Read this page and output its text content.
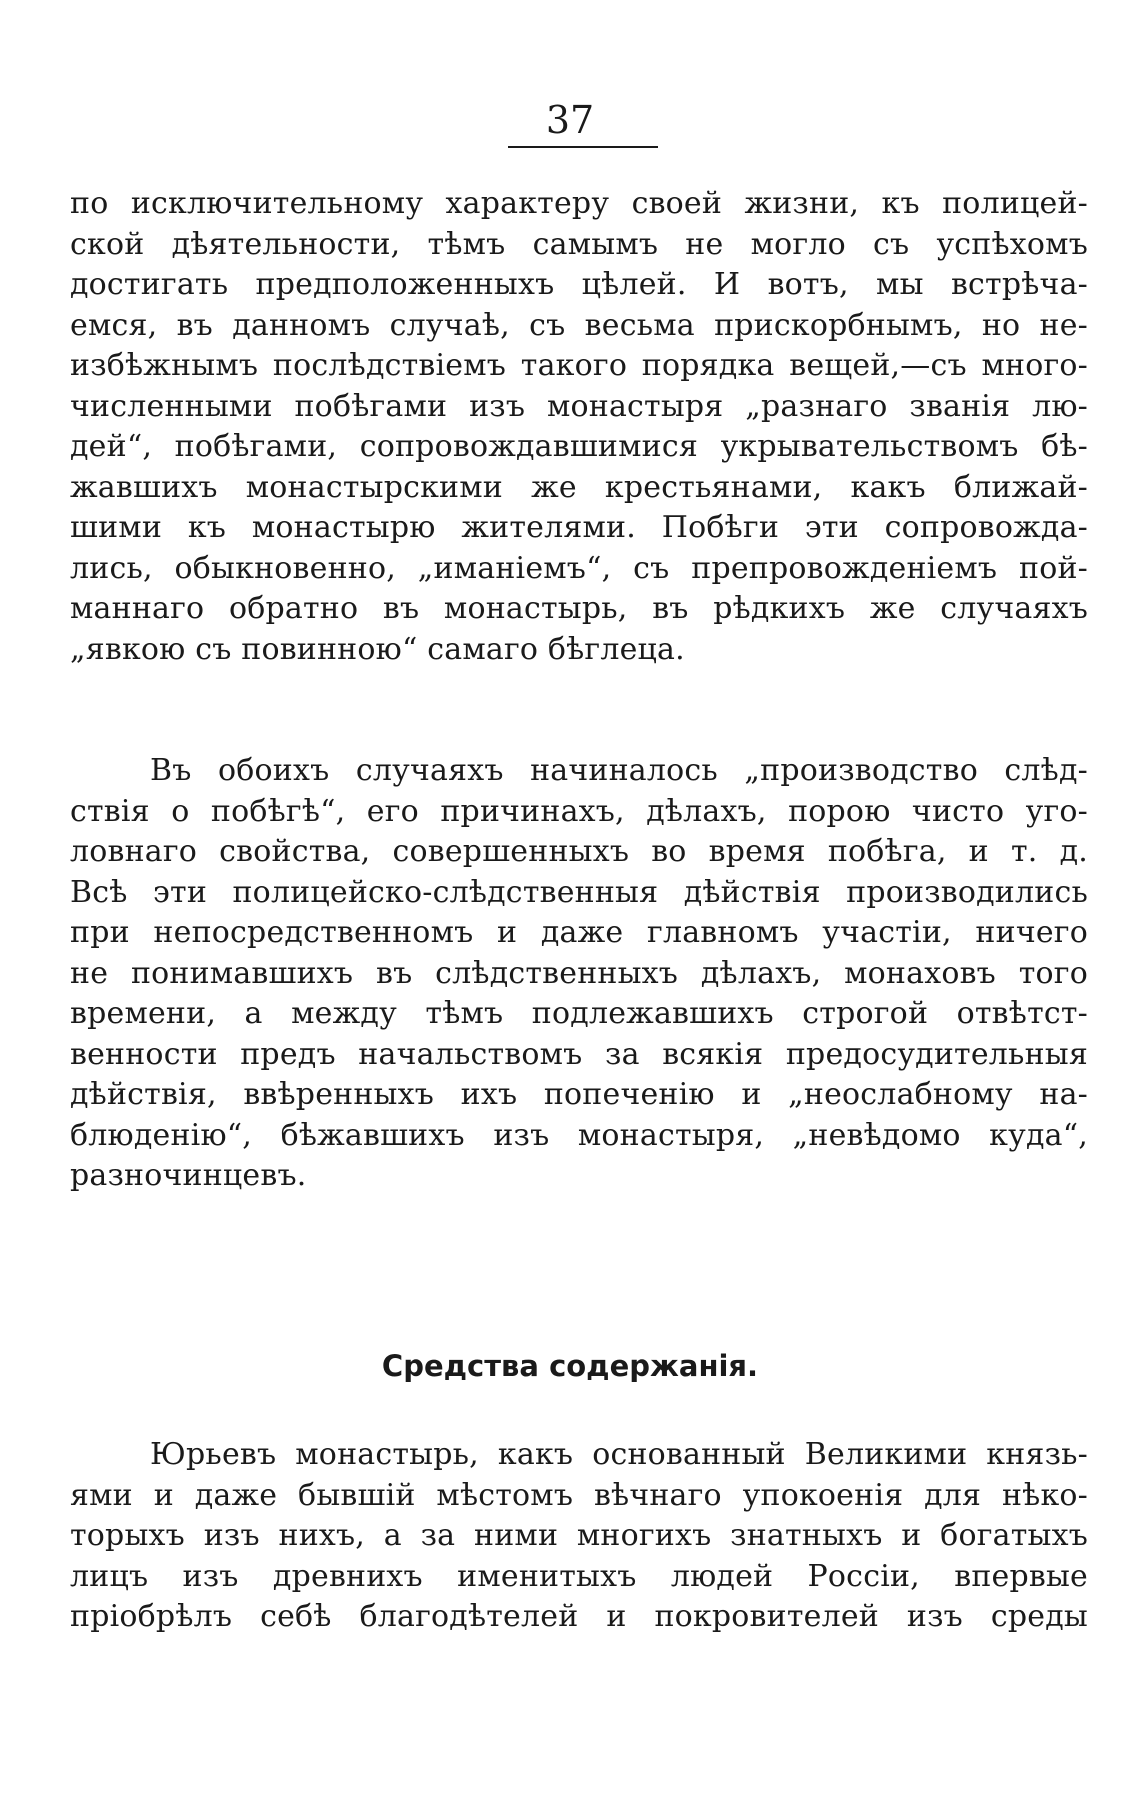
37
по исключительному характеру своей жизни, къ полицей-
ской дѣятельности, тѣмъ самымъ не могло съ успѣхомъ
достигать предположенныхъ цѣлей. И вотъ, мы встрѣча-
емся, въ данномъ случаѣ, съ весьма прискорбнымъ, но не-
избѣжнымъ послѣдствіемъ такого порядка вещей,—съ много-
численными побѣгами изъ монастыря „разнаго званія лю-
дей“, побѣгами, сопровождавшимися укрывательствомъ бѣ-
жавшихъ монастырскими же крестьянами, какъ ближай-
шими къ монастырю жителями. Побѣги эти сопровожда-
лись, обыкновенно, „иманіемъ“, съ препровожденіемъ пой-
маннаго обратно въ монастырь, въ рѣдкихъ же случаяхъ
„явкою съ повинною“ самаго бѣглеца.
Въ обоихъ случаяхъ начиналось „производство слѣд-
ствія о побѣгѣ“, его причинахъ, дѣлахъ, порою чисто уго-
ловнаго свойства, совершенныхъ во время побѣга, и т. д.
Всѣ эти полицейско-слѣдственныя дѣйствія производились
при непосредственномъ и даже главномъ участіи, ничего
не понимавшихъ въ слѣдственныхъ дѣлахъ, монаховъ того
времени, а между тѣмъ подлежавшихъ строгой отвѣтст-
венности предъ начальствомъ за всякія предосудительныя
дѣйствія, ввѣренныхъ ихъ попеченію и „неослабному на-
блюденію“, бѣжавшихъ изъ монастыря, „невѣдомо куда“,
разночинцевъ.
Средства содержанія.
Юрьевъ монастырь, какъ основанный Великими князь-
ями и даже бывшій мѣстомъ вѣчнаго упокоенія для нѣко-
торыхъ изъ нихъ, а за ними многихъ знатныхъ и богатыхъ
лицъ изъ древнихъ именитыхъ людей Россіи, впервые
пріобрѣлъ себѣ благодѣтелей и покровителей изъ среды
